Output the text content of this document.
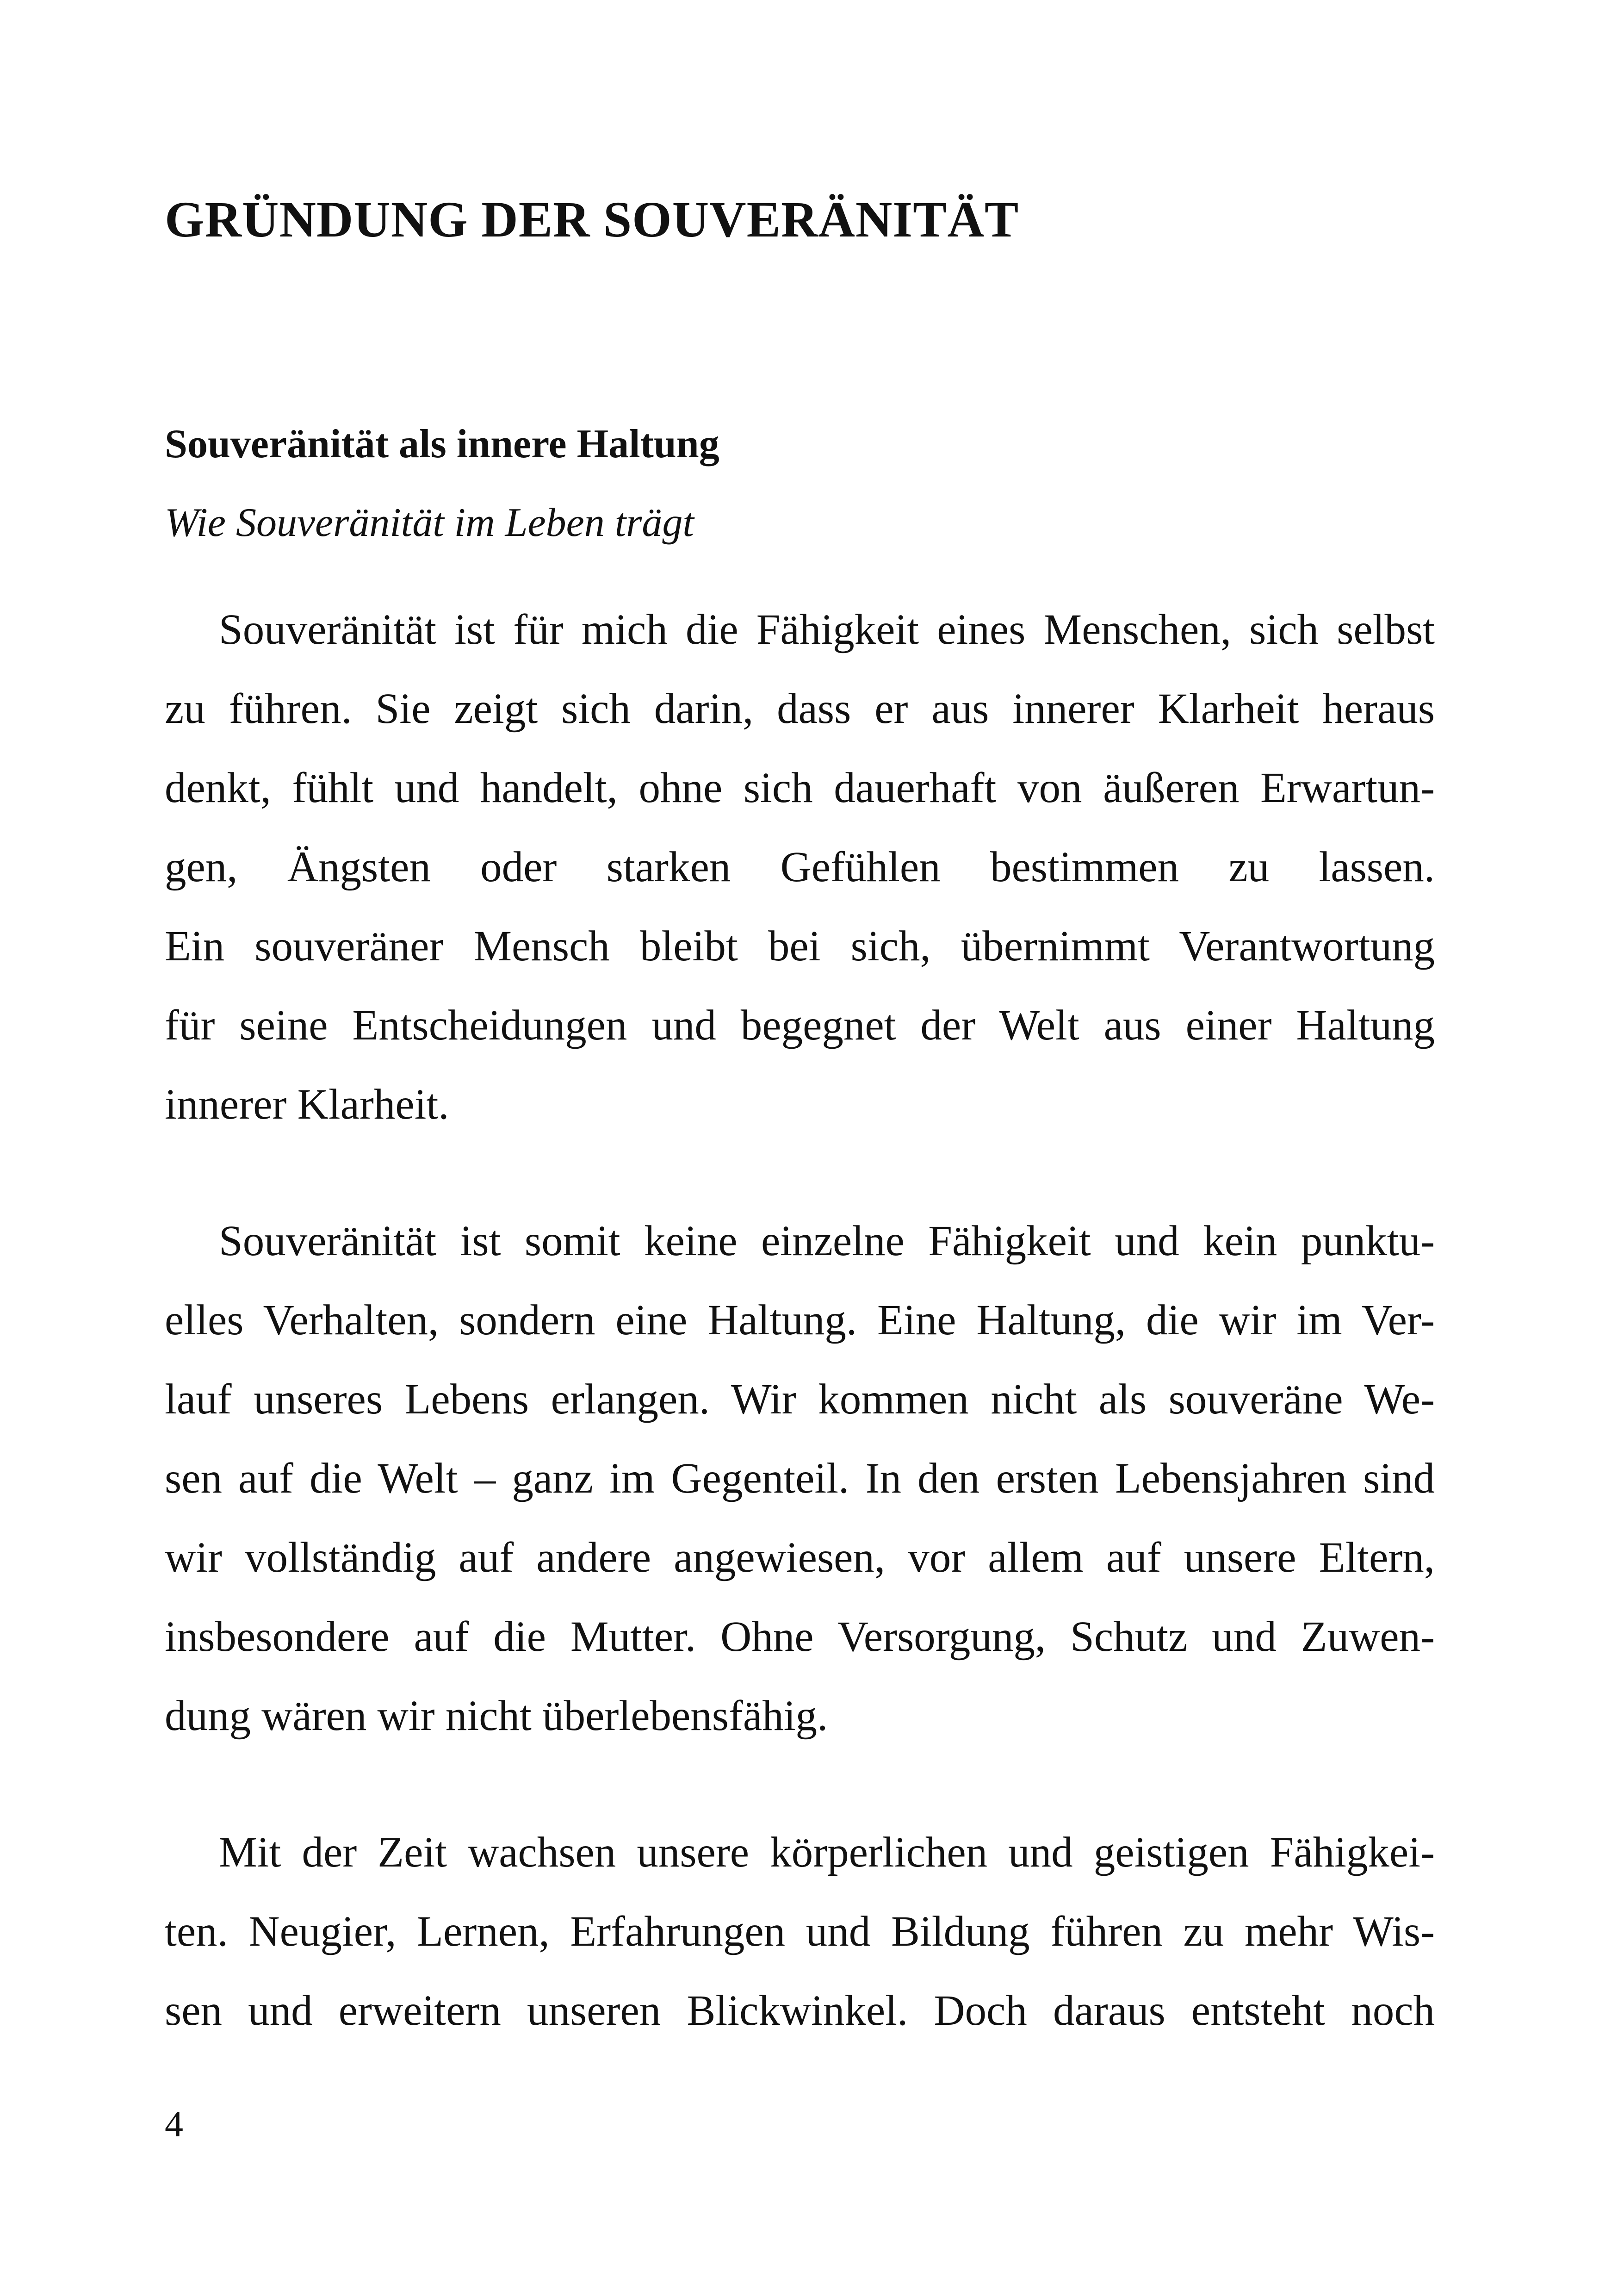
GRÜNDUNG DER SOUVERÄNITÄT
Souveränität als innere Haltung

Wie Souveränität im Leben trägt

Souveränität ist für mich die Fähigkeit eines Menschen, sich selbst
zu führen. Sie zeigt sich darin, dass er aus innerer Klarheit heraus
denkt, fühlt und handelt, ohne sich dauerhaft von äußeren Erwartun-
gen, Ängsten oder starken Gefühlen bestimmen zu lassen.
Ein souveräner Mensch bleibt bei sich, übernimmt Verantwortung
für seine Entscheidungen und begegnet der Welt aus einer Haltung
innerer Klarheit.

Souveränität ist somit keine einzelne Fähigkeit und kein punktu-
elles Verhalten, sondern eine Haltung. Eine Haltung, die wir im Ver-
lauf unseres Lebens erlangen. Wir kommen nicht als souveräne We-
sen auf die Welt – ganz im Gegenteil. In den ersten Lebensjahren sind
wir vollständig auf andere angewiesen, vor allem auf unsere Eltern,
insbesondere auf die Mutter. Ohne Versorgung, Schutz und Zuwen-
dung wären wir nicht überlebensfähig.

Mit der Zeit wachsen unsere körperlichen und geistigen Fähigkei-
ten. Neugier, Lernen, Erfahrungen und Bildung führen zu mehr Wis-
sen und erweitern unseren Blickwinkel. Doch daraus entsteht noch

4
